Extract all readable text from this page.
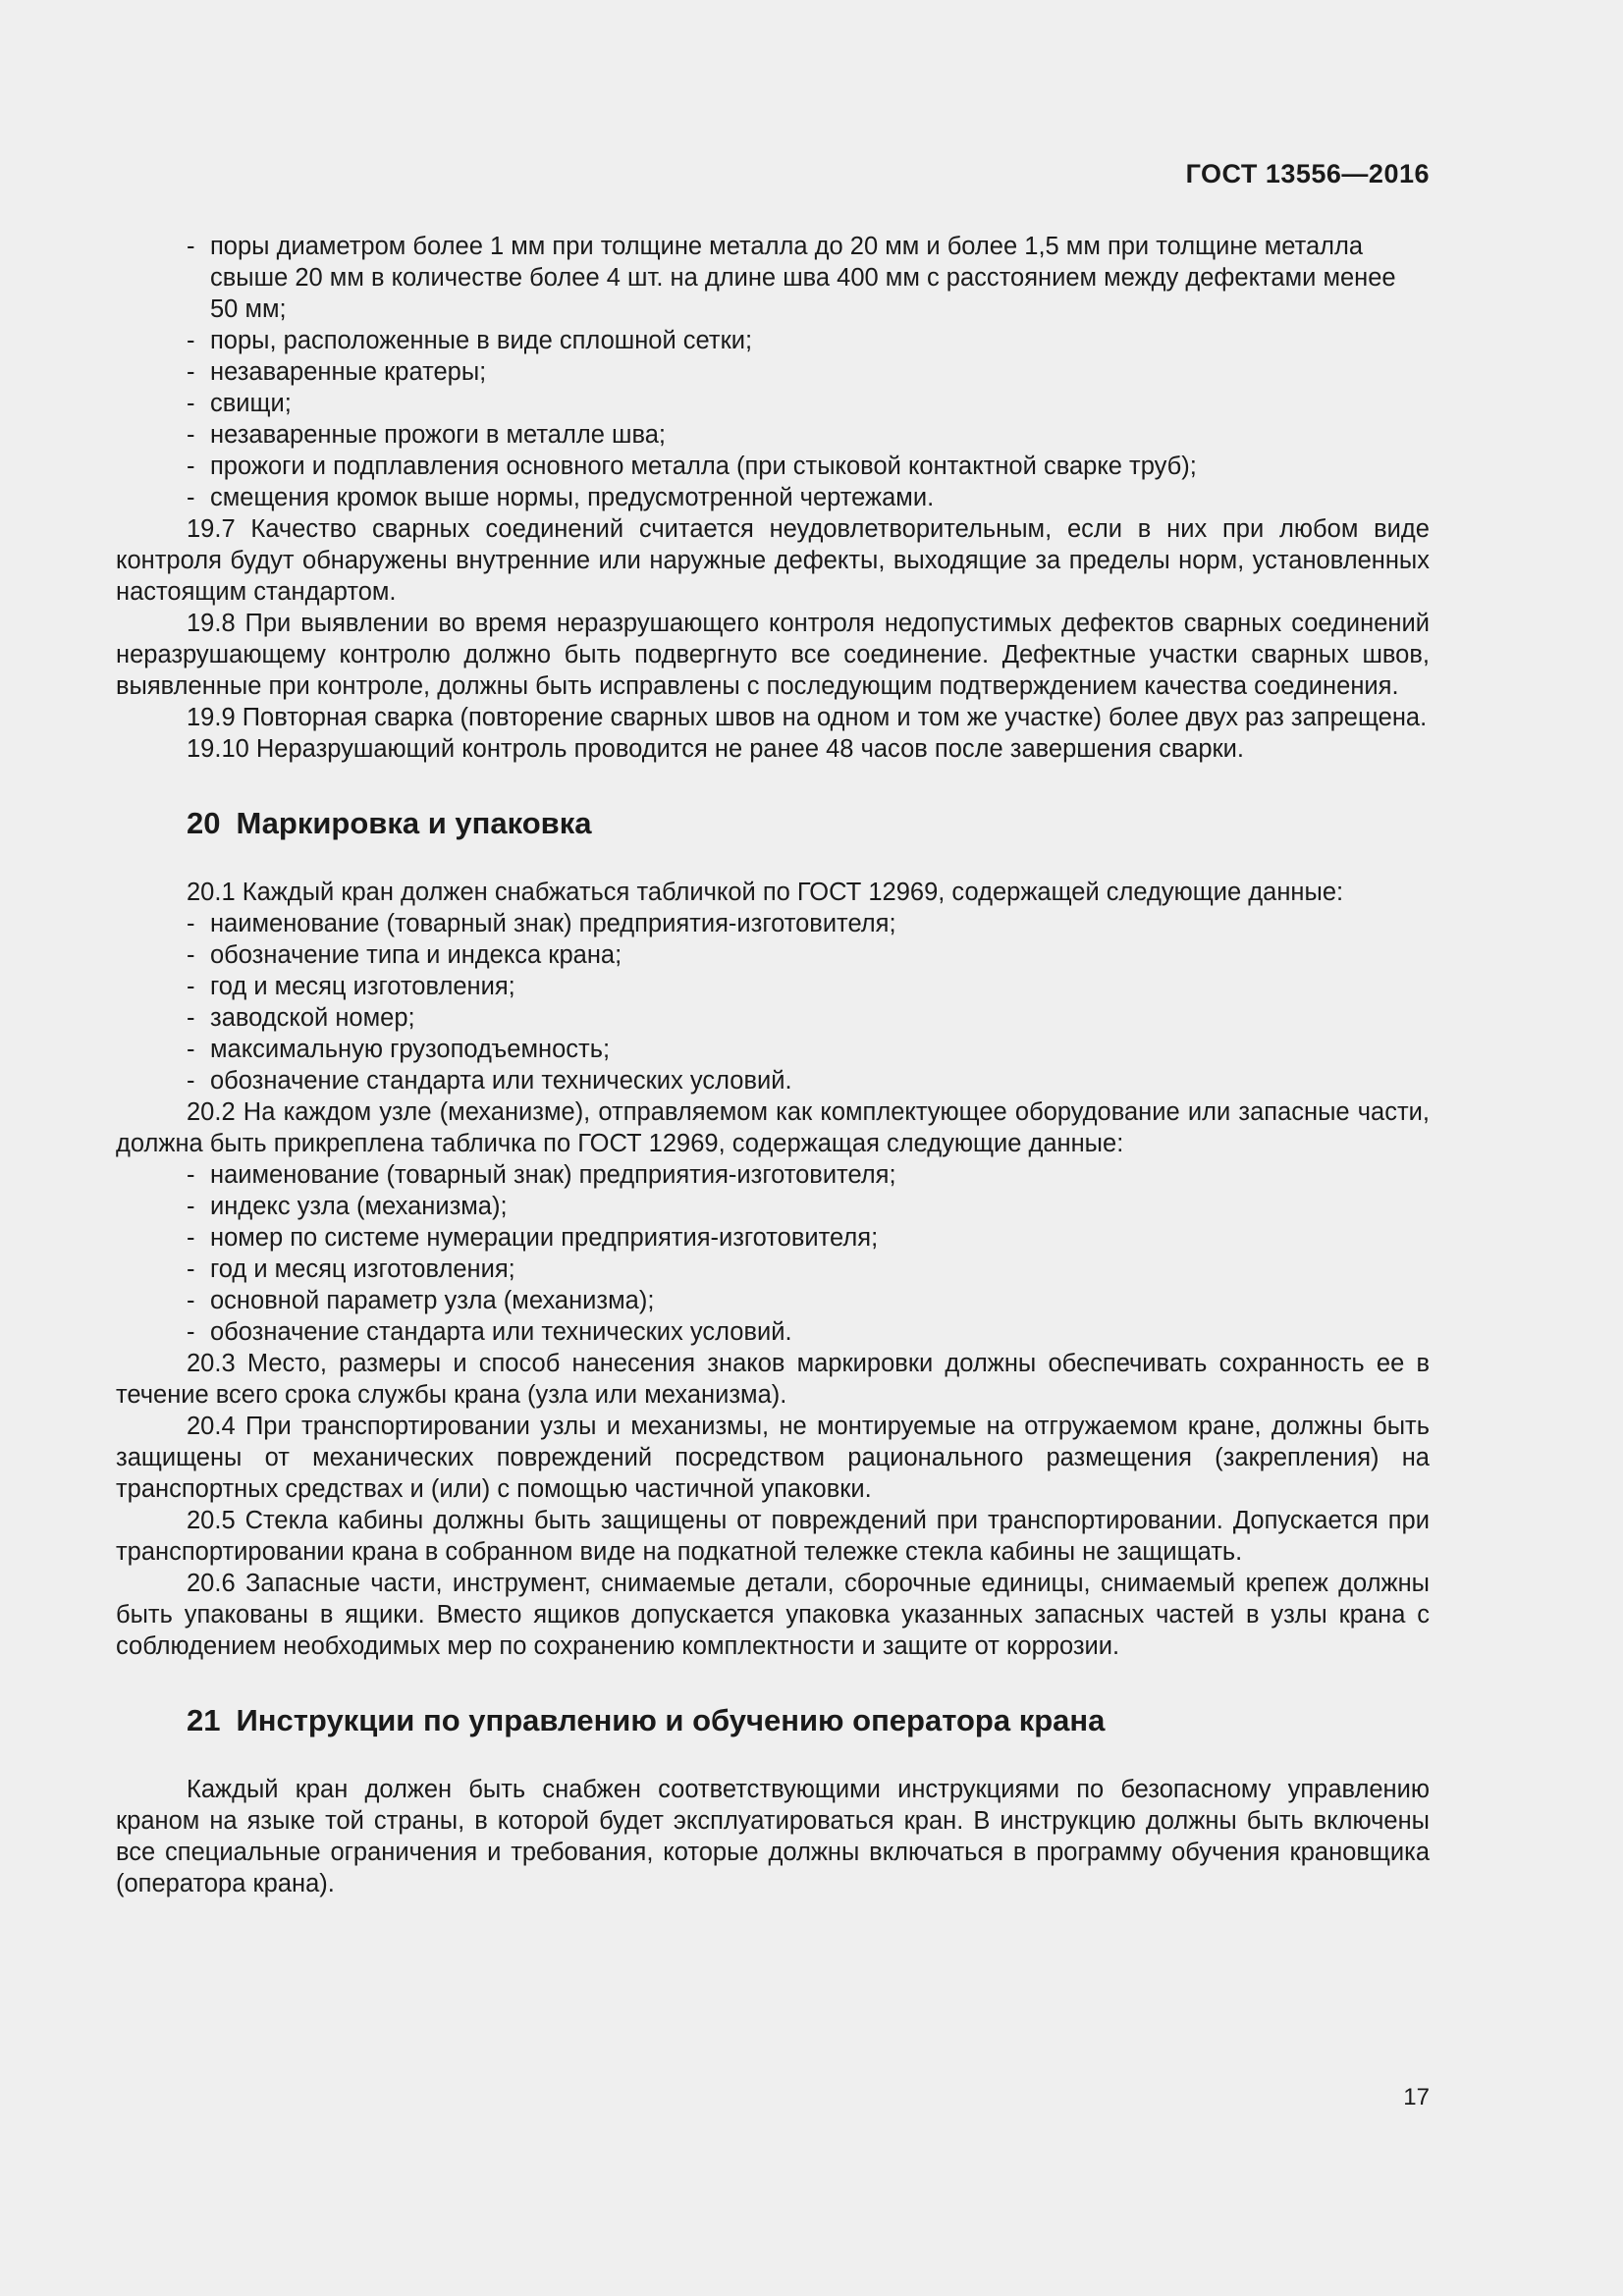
ГОСТ 13556—2016
- поры диаметром более 1 мм при толщине металла до 20 мм и более 1,5 мм при толщине металла свыше 20 мм в количестве более 4 шт. на длине шва 400 мм с расстоянием между дефектами менее 50 мм;
- поры, расположенные в виде сплошной сетки;
- незаваренные кратеры;
- свищи;
- незаваренные прожоги в металле шва;
- прожоги и подплавления основного металла (при стыковой контактной сварке труб);
- смещения кромок выше нормы, предусмотренной чертежами.

19.7 Качество сварных соединений считается неудовлетворительным, если в них при любом виде контроля будут обнаружены внутренние или наружные дефекты, выходящие за пределы норм, установленных настоящим стандартом.

19.8 При выявлении во время неразрушающего контроля недопустимых дефектов сварных соединений неразрушающему контролю должно быть подвергнуто все соединение. Дефектные участки сварных швов, выявленные при контроле, должны быть исправлены с последующим подтверждением качества соединения.

19.9 Повторная сварка (повторение сварных швов на одном и том же участке) более двух раз запрещена.

19.10 Неразрушающий контроль проводится не ранее 48 часов после завершения сварки.

20 Маркировка и упаковка

20.1 Каждый кран должен снабжаться табличкой по ГОСТ 12969, содержащей следующие данные:

- наименование (товарный знак) предприятия-изготовителя;
- обозначение типа и индекса крана;
- год и месяц изготовления;
- заводской номер;
- максимальную грузоподъемность;
- обозначение стандарта или технических условий.

20.2 На каждом узле (механизме), отправляемом как комплектующее оборудование или запасные части, должна быть прикреплена табличка по ГОСТ 12969, содержащая следующие данные:

- наименование (товарный знак) предприятия-изготовителя;
- индекс узла (механизма);
- номер по системе нумерации предприятия-изготовителя;
- год и месяц изготовления;
- основной параметр узла (механизма);
- обозначение стандарта или технических условий.

20.3 Место, размеры и способ нанесения знаков маркировки должны обеспечивать сохранность ее в течение всего срока службы крана (узла или механизма).

20.4 При транспортировании узлы и механизмы, не монтируемые на отгружаемом кране, должны быть защищены от механических повреждений посредством рационального размещения (закрепления) на транспортных средствах и (или) с помощью частичной упаковки.

20.5 Стекла кабины должны быть защищены от повреждений при транспортировании. Допускается при транспортировании крана в собранном виде на подкатной тележке стекла кабины не защищать.

20.6 Запасные части, инструмент, снимаемые детали, сборочные единицы, снимаемый крепеж должны быть упакованы в ящики. Вместо ящиков допускается упаковка указанных запасных частей в узлы крана с соблюдением необходимых мер по сохранению комплектности и защите от коррозии.

21 Инструкции по управлению и обучению оператора крана

Каждый кран должен быть снабжен соответствующими инструкциями по безопасному управлению краном на языке той страны, в которой будет эксплуатироваться кран. В инструкцию должны быть включены все специальные ограничения и требования, которые должны включаться в программу обучения крановщика (оператора крана).

17
